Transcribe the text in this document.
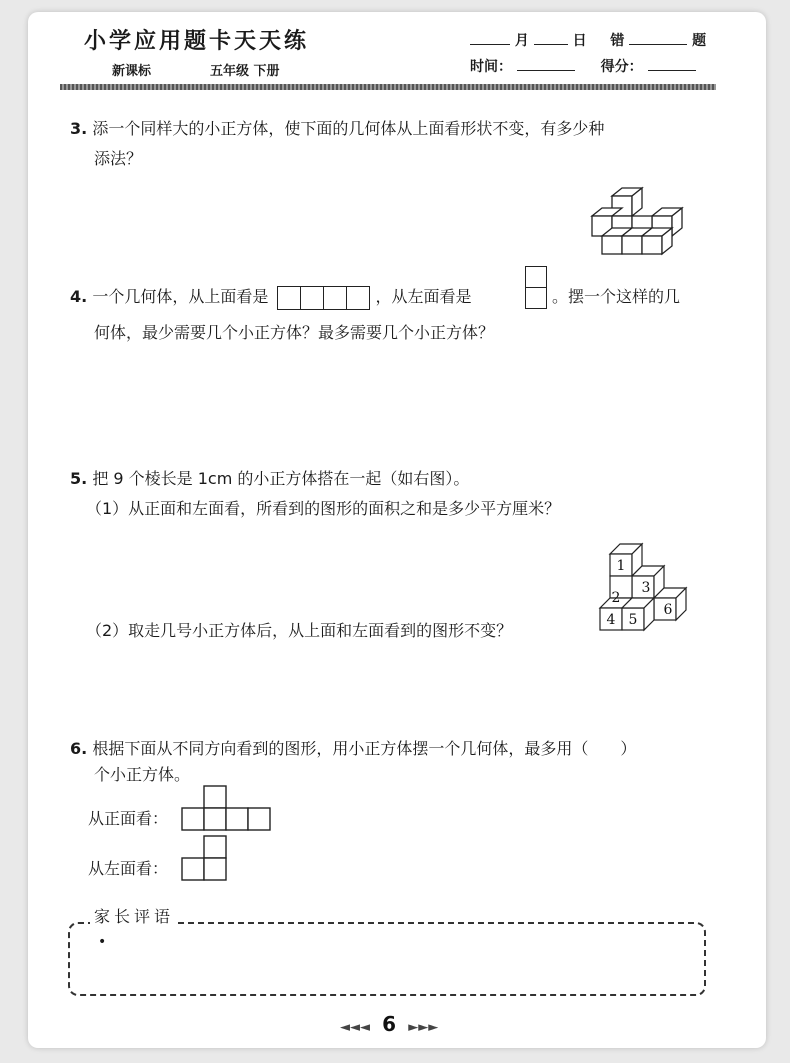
小学应用题卡天天练
新课标	五年级 下册
月	日 错	题
时间：	得分：
3. 添一个同样大的小正方体，使下面的几何体从上面看形状不变，有多少种
添法？
4. 一个几何体，从上面看是	，从左面看是	。摆一个这样的几
何体，最少需要几个小正方体？最多需要几个小正方体？
5. 把 9 个棱长是 1cm 的小正方体搭在一起（如右图）。
（1）从正面和左面看，所看到的图形的面积之和是多少平方厘米？
（2）取走几号小正方体后，从上面和左面看到的图形不变？
1
2
3
4 5
6
6. 根据下面从不同方向看到的图形，用小正方体摆一个几何体，最多用（　　）
个小正方体。
从正面看：
从左面看：
家长评语
•
◄◄◄ 6 ►►►
